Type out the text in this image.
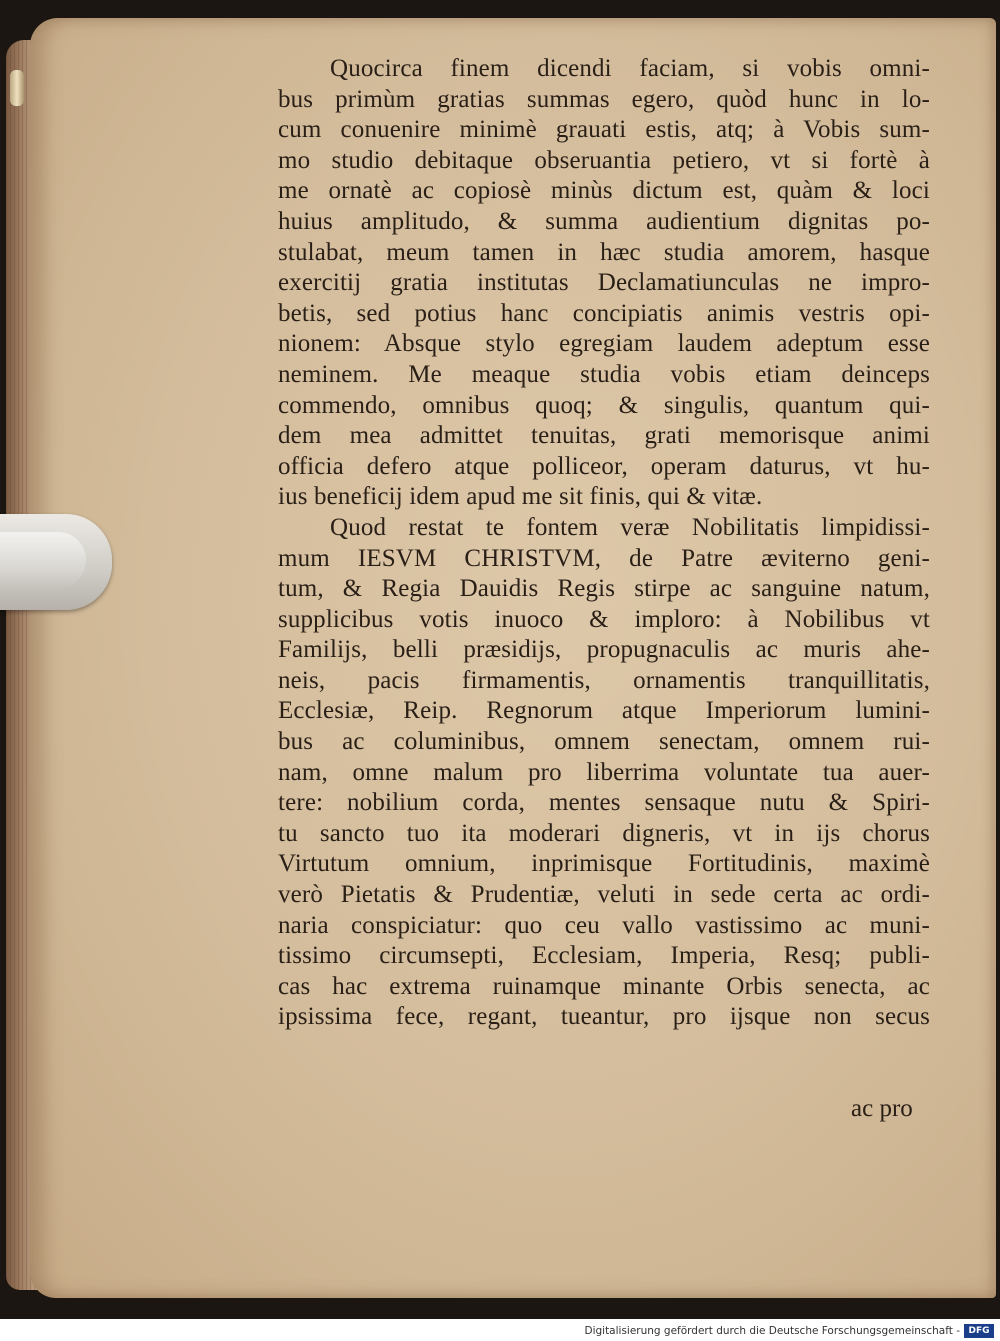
Quocirca finem dicendi faciam, si vobis omni-
bus primùm gratias summas egero, quòd hunc in lo-
cum conuenire minimè grauati estis, atq; à Vobis sum-
mo studio debitaque obseruantia petiero, vt si fortè à
me ornatè ac copiosè minùs dictum est, quàm & loci
huius amplitudo, & summa audientium dignitas po-
stulabat, meum tamen in hæc studia amorem, hasque
exercitij gratia institutas Declamatiunculas ne impro-
betis, sed potius hanc concipiatis animis vestris opi-
nionem: Absque stylo egregiam laudem adeptum esse
neminem. Me meaque studia vobis etiam deinceps
commendo, omnibus quoq; & singulis, quantum qui-
dem mea admittet tenuitas, grati memorisque animi
officia defero atque polliceor, operam daturus, vt hu-
ius beneficij idem apud me sit finis, qui & vitæ.
Quod restat te fontem veræ Nobilitatis limpidissi-
mum IESVM CHRISTVM, de Patre æviterno geni-
tum, & Regia Dauidis Regis stirpe ac sanguine natum,
supplicibus votis inuoco & imploro: à Nobilibus vt
Familijs, belli præsidijs, propugnaculis ac muris ahe-
neis, pacis firmamentis, ornamentis tranquillitatis,
Ecclesiæ, Reip. Regnorum atque Imperiorum lumini-
bus ac columinibus, omnem senectam, omnem rui-
nam, omne malum pro liberrima voluntate tua auer-
tere: nobilium corda, mentes sensaque nutu & Spiri-
tu sancto tuo ita moderari digneris, vt in ijs chorus
Virtutum omnium, inprimisque Fortitudinis, maximè
verò Pietatis & Prudentiæ, veluti in sede certa ac ordi-
naria conspiciatur: quo ceu vallo vastissimo ac muni-
tissimo circumsepti, Ecclesiam, Imperia, Resq; publi-
cas hac extrema ruinamque minante Orbis senecta, ac
ipsissima fece, regant, tueantur, pro ijsque non secus
ac pro
Digitalisierung gefördert durch die Deutsche Forschungsgemeinschaft - DFG
